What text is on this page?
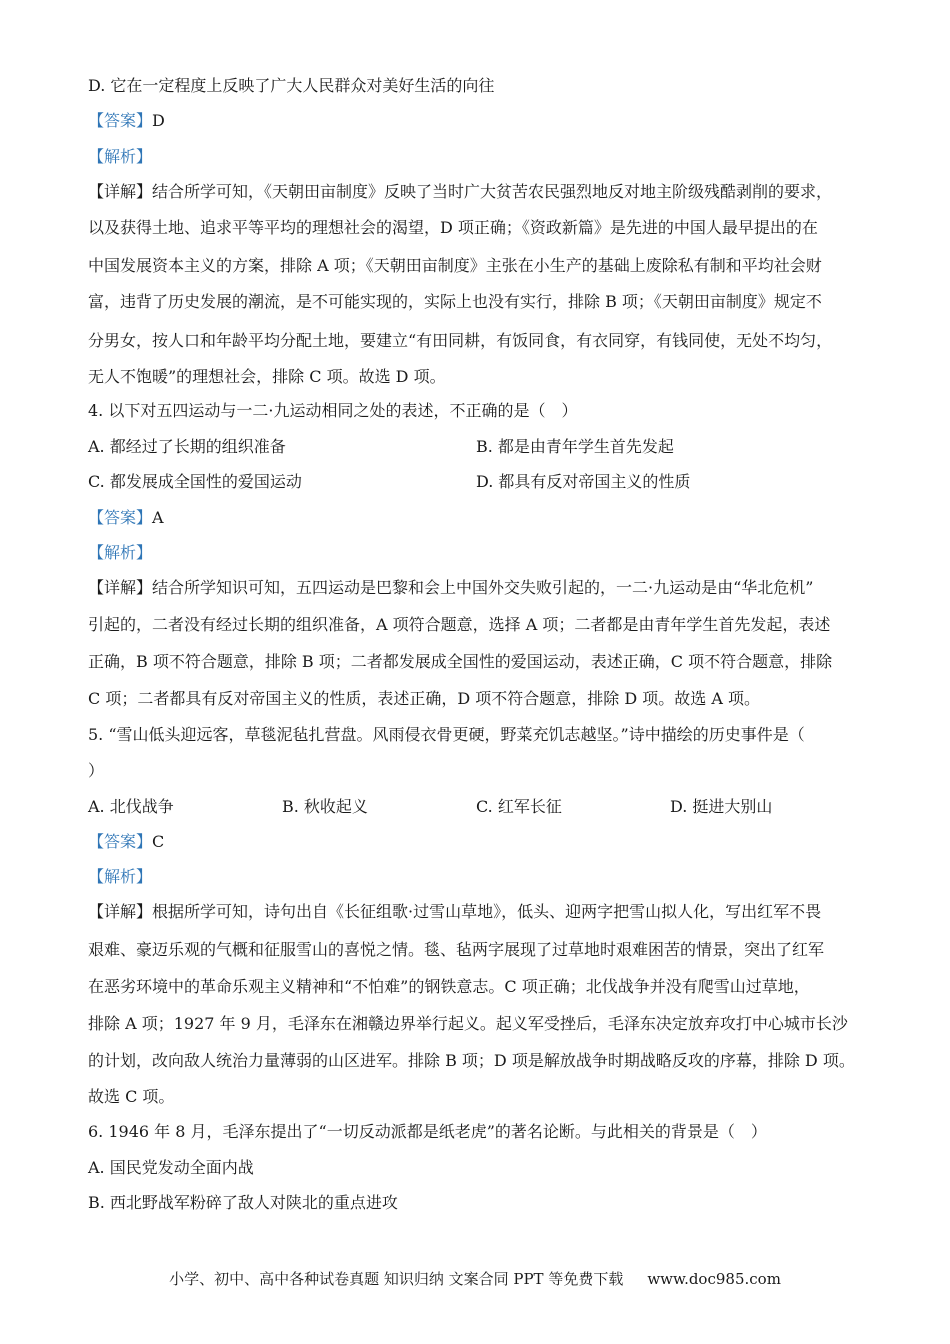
D. 它在一定程度上反映了广大人民群众对美好生活的向往
【答案】D
【解析】
【详解】结合所学可知，《天朝田亩制度》反映了当时广大贫苦农民强烈地反对地主阶级残酷剥削的要求，
以及获得土地、追求平等平均的理想社会的渴望，D 项正确；《资政新篇》是先进的中国人最早提出的在
中国发展资本主义的方案，排除 A 项；《天朝田亩制度》主张在小生产的基础上废除私有制和平均社会财
富，违背了历史发展的潮流，是不可能实现的，实际上也没有实行，排除 B 项；《天朝田亩制度》规定不
分男女，按人口和年龄平均分配土地，要建立“有田同耕，有饭同食，有衣同穿，有钱同使，无处不均匀，
无人不饱暖”的理想社会，排除 C 项。故选 D 项。
4. 以下对五四运动与一二·九运动相同之处的表述，不正确的是（　）
A. 都经过了长期的组织准备	B. 都是由青年学生首先发起
C. 都发展成全国性的爱国运动	D. 都具有反对帝国主义的性质
【答案】A
【解析】
【详解】结合所学知识可知，五四运动是巴黎和会上中国外交失败引起的，一二·九运动是由“华北危机”
引起的，二者没有经过长期的组织准备，A 项符合题意，选择 A 项；二者都是由青年学生首先发起，表述
正确，B 项不符合题意，排除 B 项；二者都发展成全国性的爱国运动，表述正确，C 项不符合题意，排除
C 项；二者都具有反对帝国主义的性质，表述正确，D 项不符合题意，排除 D 项。故选 A 项。
5. “雪山低头迎远客，草毯泥毡扎营盘。风雨侵衣骨更硬，野菜充饥志越坚。”诗中描绘的历史事件是（
）
A. 北伐战争	B. 秋收起义	C. 红军长征	D. 挺进大别山
【答案】C
【解析】
【详解】根据所学可知，诗句出自《长征组歌·过雪山草地》，低头、迎两字把雪山拟人化，写出红军不畏
艰难、豪迈乐观的气概和征服雪山的喜悦之情。毯、毡两字展现了过草地时艰难困苦的情景，突出了红军
在恶劣环境中的革命乐观主义精神和“不怕难”的钢铁意志。C 项正确；北伐战争并没有爬雪山过草地，
排除 A 项；1927 年 9 月，毛泽东在湘赣边界举行起义。起义军受挫后，毛泽东决定放弃攻打中心城市长沙
的计划，改向敌人统治力量薄弱的山区进军。排除 B 项；D 项是解放战争时期战略反攻的序幕，排除 D 项。
故选 C 项。
6. 1946 年 8 月，毛泽东提出了“一切反动派都是纸老虎”的著名论断。与此相关的背景是（　）
A. 国民党发动全面内战
B. 西北野战军粉碎了敌人对陕北的重点进攻
小学、初中、高中各种试卷真题 知识归纳 文案合同 PPT 等免费下载 www.doc985.com
